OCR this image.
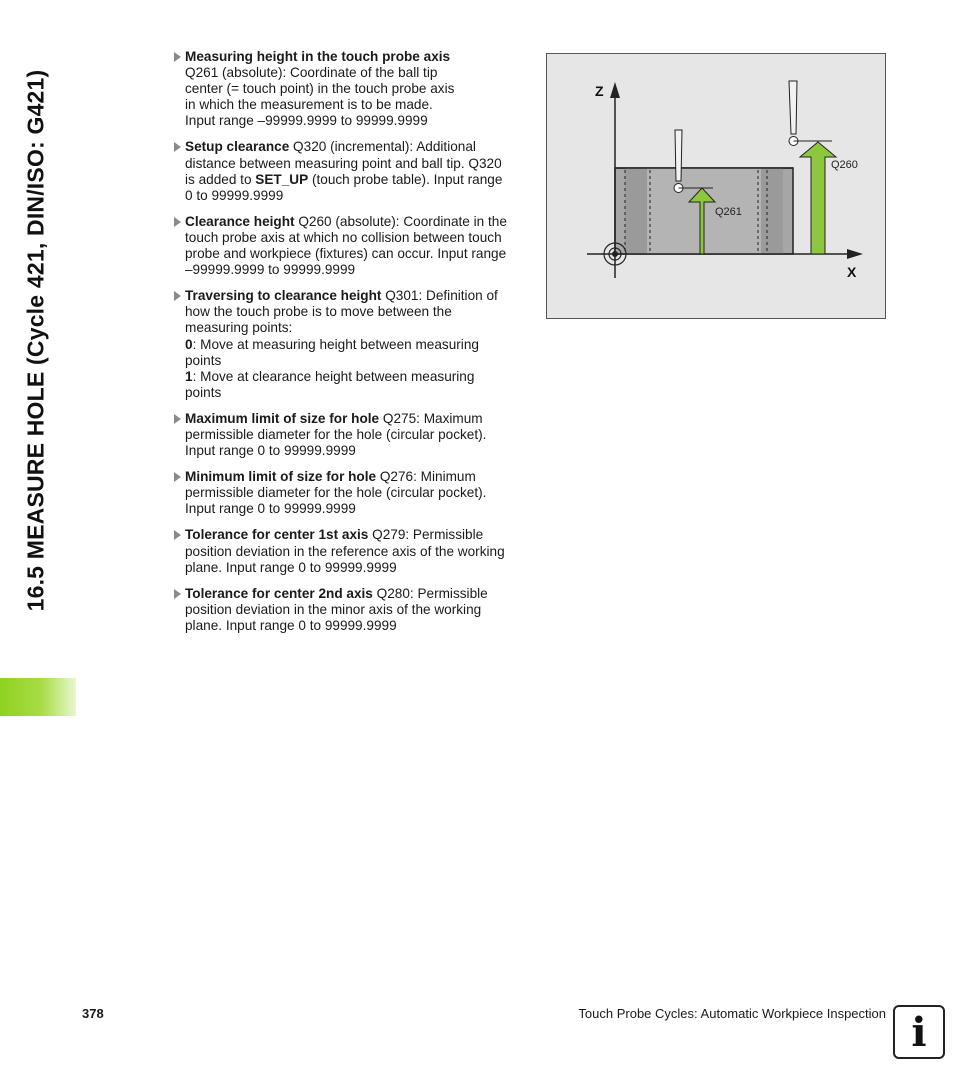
16.5 MEASURE HOLE (Cycle 421, DIN/ISO: G421)
Measuring height in the touch probe axis
Q261 (absolute): Coordinate of the ball tip
center (= touch point) in the touch probe axis
in which the measurement is to be made.
Input range –99999.9999 to 99999.9999
Setup clearance Q320 (incremental): Additional
distance between measuring point and ball tip. Q320
is added to SET_UP (touch probe table). Input range
0 to 99999.9999
Clearance height Q260 (absolute): Coordinate in the
touch probe axis at which no collision between touch
probe and workpiece (fixtures) can occur. Input range
–99999.9999 to 99999.9999
Traversing to clearance height Q301: Definition of
how the touch probe is to move between the
measuring points:
0: Move at measuring height between measuring
points
1: Move at clearance height between measuring
points
Maximum limit of size for hole Q275: Maximum
permissible diameter for the hole (circular pocket).
Input range 0 to 99999.9999
Minimum limit of size for hole Q276: Minimum
permissible diameter for the hole (circular pocket).
Input range 0 to 99999.9999
Tolerance for center 1st axis Q279: Permissible
position deviation in the reference axis of the working
plane. Input range 0 to 99999.9999
Tolerance for center 2nd axis Q280: Permissible
position deviation in the minor axis of the working
plane. Input range 0 to 99999.9999
Z
X
Q261
Q260
378	Touch Probe Cycles: Automatic Workpiece Inspection i
